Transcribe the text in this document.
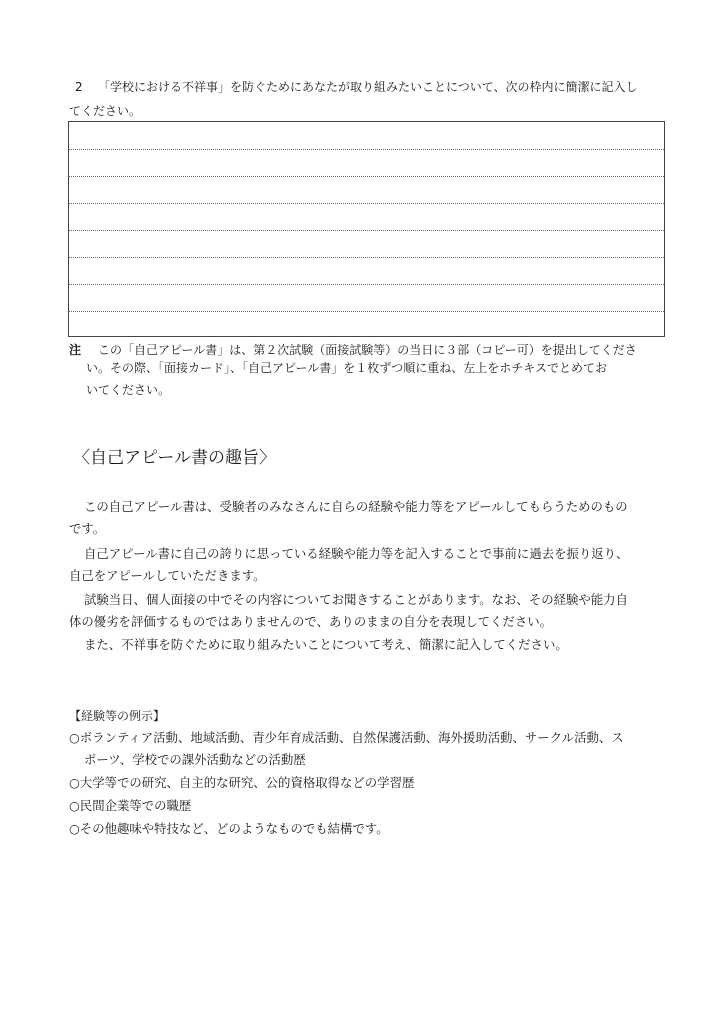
2 「学校における不祥事」を防ぐためにあなたが取り組みたいことについて、次の枠内に簡潔に記入し
てください。
注 この「自己アピール書」は、第２次試験（面接試験等）の当日に３部（コピー可）を提出してくださ
い。その際、「面接カード」、「自己アピール書」を１枚ずつ順に重ね、左上をホチキスでとめてお
いてください。
〈自己アピール書の趣旨〉
この自己アピール書は、受験者のみなさんに自らの経験や能力等をアピールしてもらうためのもの
です。
自己アピール書に自己の誇りに思っている経験や能力等を記入することで事前に過去を振り返り、
自己をアピールしていただきます。
試験当日、個人面接の中でその内容についてお聞きすることがあります。なお、その経験や能力自
体の優劣を評価するものではありませんので、ありのままの自分を表現してください。
また、不祥事を防ぐために取り組みたいことについて考え、簡潔に記入してください。
【経験等の例示】
○ボランティア活動、地域活動、青少年育成活動、自然保護活動、海外援助活動、サークル活動、ス
ポーツ、学校での課外活動などの活動歴
○大学等での研究、自主的な研究、公的資格取得などの学習歴
○民間企業等での職歴
○その他趣味や特技など、どのようなものでも結構です。
